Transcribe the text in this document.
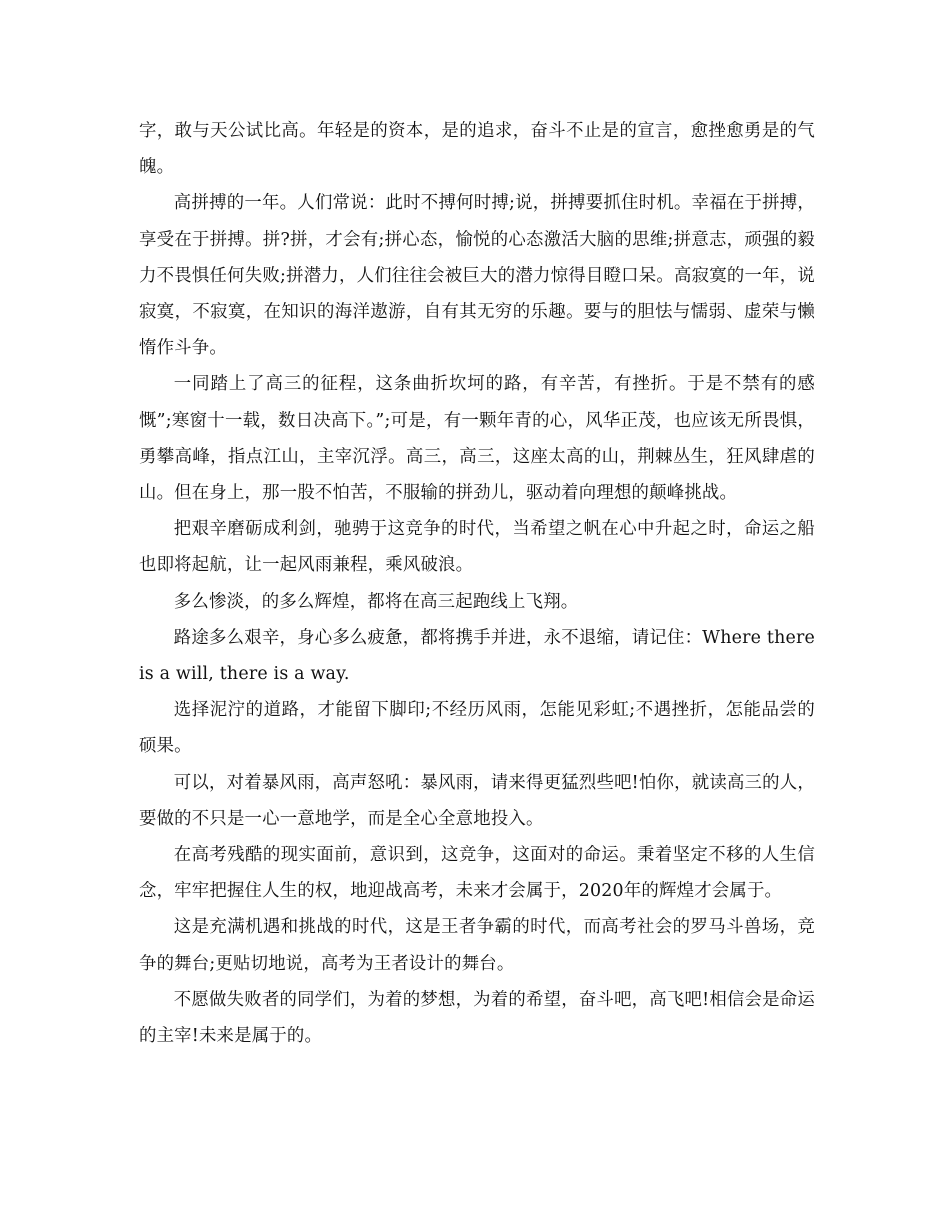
字，敢与天公试比高。年轻是的资本，是的追求，奋斗不止是的宣言，愈挫愈勇是的气魄。

高拼搏的一年。人们常说：此时不搏何时搏;说，拼搏要抓住时机。幸福在于拼搏，享受在于拼搏。拼?拼，才会有;拼心态，愉悦的心态激活大脑的思维;拼意志，顽强的毅力不畏惧任何失败;拼潜力，人们往往会被巨大的潜力惊得目瞪口呆。高寂寞的一年，说寂寞，不寂寞，在知识的海洋遨游，自有其无穷的乐趣。要与的胆怯与懦弱、虚荣与懒惰作斗争。

一同踏上了高三的征程，这条曲折坎坷的路，有辛苦，有挫折。于是不禁有的感慨”;寒窗十一载，数日决高下。”;可是，有一颗年青的心，风华正茂，也应该无所畏惧，勇攀高峰，指点江山，主宰沉浮。高三，高三，这座太高的山，荆棘丛生，狂风肆虐的山。但在身上，那一股不怕苦，不服输的拼劲儿，驱动着向理想的颠峰挑战。

把艰辛磨砺成利剑，驰骋于这竞争的时代，当希望之帆在心中升起之时，命运之船也即将起航，让一起风雨兼程，乘风破浪。

多么惨淡，的多么辉煌，都将在高三起跑线上飞翔。

路途多么艰辛，身心多么疲惫，都将携手并进，永不退缩，请记住：Where there is a will, there is a way.

选择泥泞的道路，才能留下脚印;不经历风雨，怎能见彩虹;不遇挫折，怎能品尝的硕果。

可以，对着暴风雨，高声怒吼：暴风雨，请来得更猛烈些吧!怕你，就读高三的人，要做的不只是一心一意地学，而是全心全意地投入。

在高考残酷的现实面前，意识到，这竞争，这面对的命运。秉着坚定不移的人生信念，牢牢把握住人生的权，地迎战高考，未来才会属于，2020年的辉煌才会属于。

这是充满机遇和挑战的时代，这是王者争霸的时代，而高考社会的罗马斗兽场，竞争的舞台;更贴切地说，高考为王者设计的舞台。

不愿做失败者的同学们，为着的梦想，为着的希望，奋斗吧，高飞吧!相信会是命运的主宰!未来是属于的。
